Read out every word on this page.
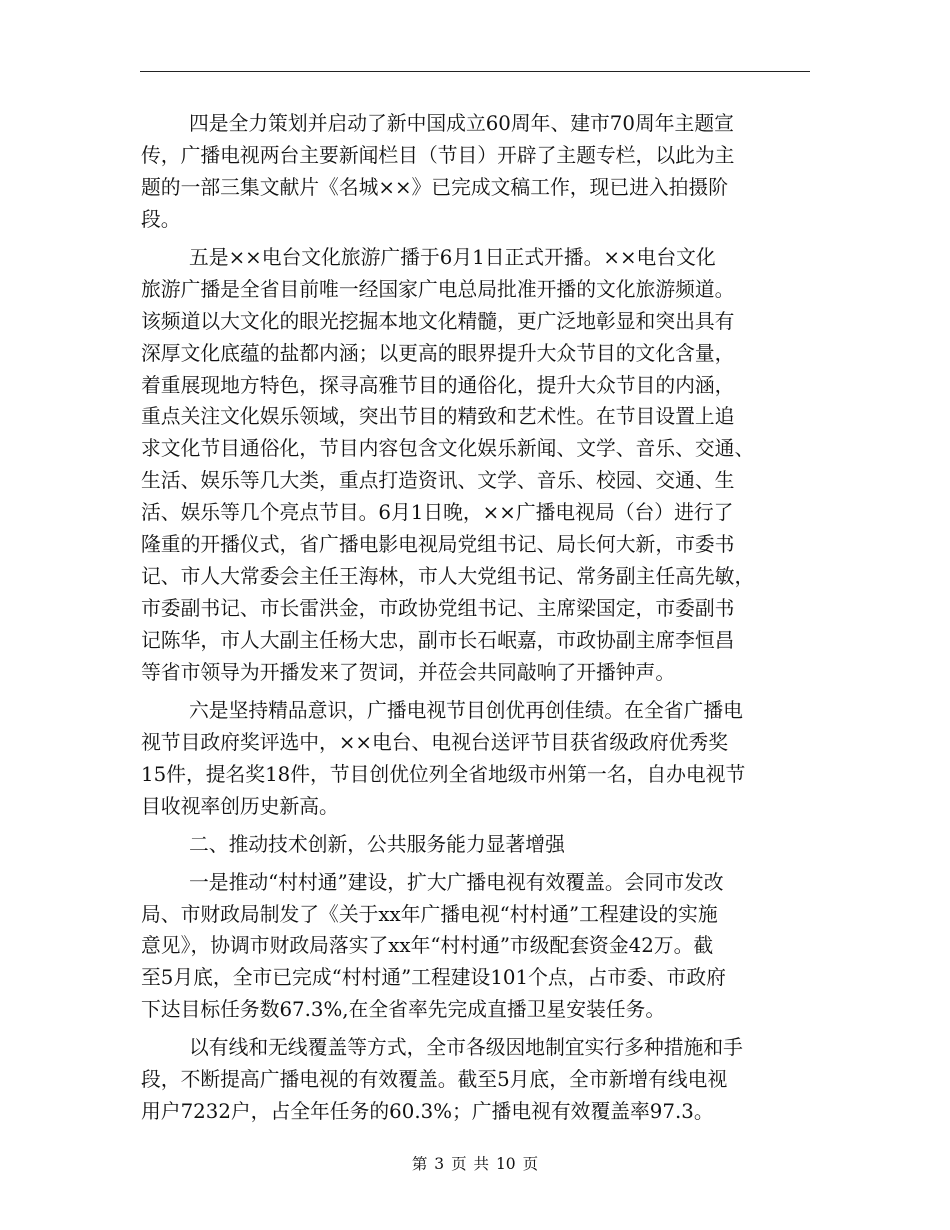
四是全力策划并启动了新中国成立60周年、建市70周年主题宣
传，广播电视两台主要新闻栏目（节目）开辟了主题专栏，以此为主
题的一部三集文献片《名城××》已完成文稿工作，现已进入拍摄阶
段。
五是××电台文化旅游广播于6月1日正式开播。××电台文化
旅游广播是全省目前唯一经国家广电总局批准开播的文化旅游频道。
该频道以大文化的眼光挖掘本地文化精髓，更广泛地彰显和突出具有
深厚文化底蕴的盐都内涵；以更高的眼界提升大众节目的文化含量，
着重展现地方特色，探寻高雅节目的通俗化，提升大众节目的内涵，
重点关注文化娱乐领域，突出节目的精致和艺术性。在节目设置上追
求文化节目通俗化，节目内容包含文化娱乐新闻、文学、音乐、交通、
生活、娱乐等几大类，重点打造资讯、文学、音乐、校园、交通、生
活、娱乐等几个亮点节目。6月1日晚，××广播电视局（台）进行了
隆重的开播仪式，省广播电影电视局党组书记、局长何大新，市委书
记、市人大常委会主任王海林，市人大党组书记、常务副主任高先敏，
市委副书记、市长雷洪金，市政协党组书记、主席梁国定，市委副书
记陈华，市人大副主任杨大忠，副市长石岷嘉，市政协副主席李恒昌
等省市领导为开播发来了贺词，并莅会共同敲响了开播钟声。
六是坚持精品意识，广播电视节目创优再创佳绩。在全省广播电
视节目政府奖评选中，××电台、电视台送评节目获省级政府优秀奖
15件，提名奖18件，节目创优位列全省地级市州第一名，自办电视节
目收视率创历史新高。
二、推动技术创新，公共服务能力显著增强
一是推动“村村通”建设，扩大广播电视有效覆盖。会同市发改
局、市财政局制发了《关于xx年广播电视“村村通”工程建设的实施
意见》，协调市财政局落实了xx年“村村通”市级配套资金42万。截
至5月底，全市已完成“村村通”工程建设101个点，占市委、市政府
下达目标任务数67.3%,在全省率先完成直播卫星安装任务。
以有线和无线覆盖等方式，全市各级因地制宜实行多种措施和手
段，不断提高广播电视的有效覆盖。截至5月底，全市新增有线电视
用户7232户，占全年任务的60.3%；广播电视有效覆盖率97.3。
第 3 页 共 10 页
